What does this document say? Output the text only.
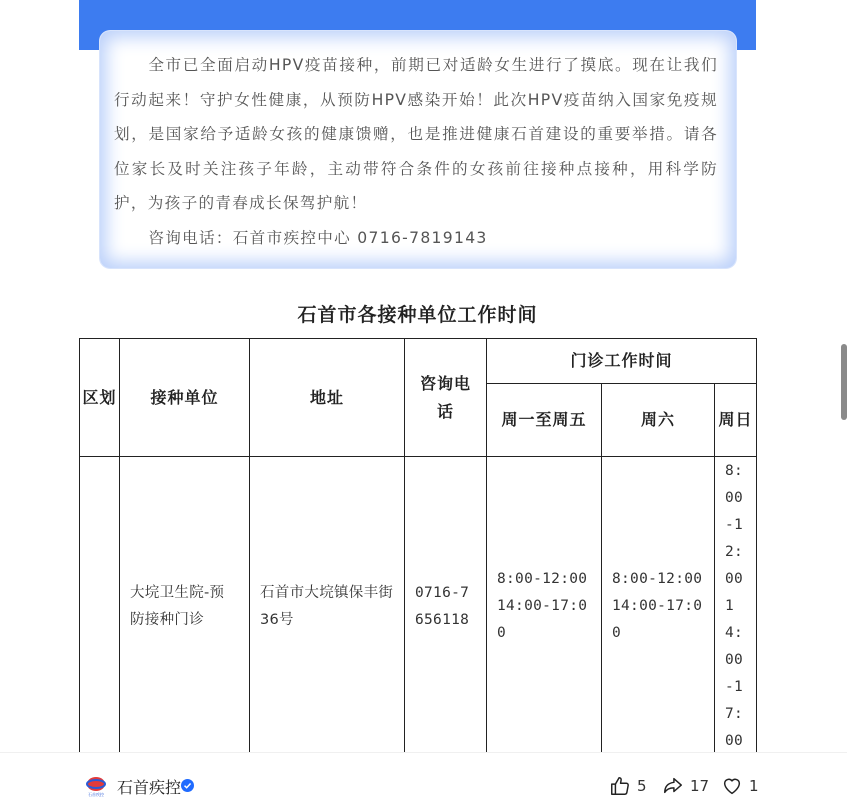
全市已全面启动HPV疫苗接种，前期已对适龄女生进行了摸底。现在让我们行动起来！守护女性健康，从预防HPV感染开始！此次HPV疫苗纳入国家免疫规划，是国家给予适龄女孩的健康馈赠，也是推进健康石首建设的重要举措。请各位家长及时关注孩子年龄，主动带符合条件的女孩前往接种点接种，用科学防护，为孩子的青春成长保驾护航！

咨询电话：石首市疾控中心 0716-7819143

石首市各接种单位工作时间
区划	接种单位	地址	咨询电话	门诊工作时间		
				周一至周五	周六	周日
	大垸卫生院-预防接种门诊	石首市大垸镇保丰街36号	0716-7656118	8:00-12:00 14:00-17:00	8:00-12:00 14:00-17:00	8:00-12:00 14:00-17:00
石首疾控 石首疾控	5	17	1
